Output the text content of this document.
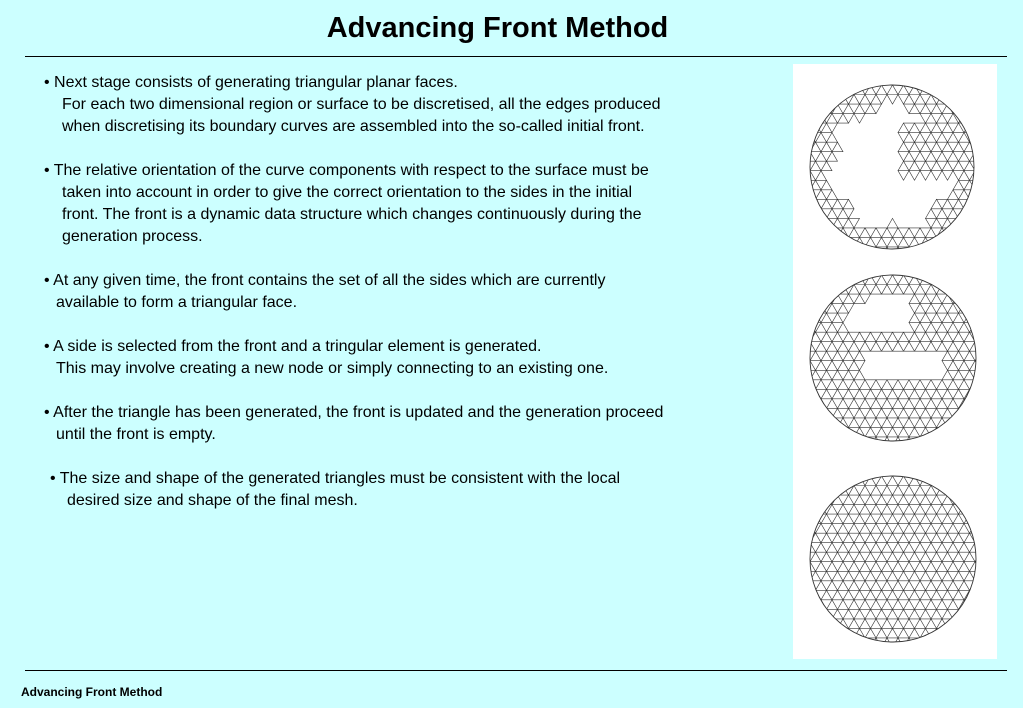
Advancing Front Method

• Next stage consists of generating triangular planar faces.

For each two dimensional region or surface to be discretised, all the edges produced

when discretising its boundary curves are assembled into the so-called initial front.

• The relative orientation of the curve components with respect to the surface must be

taken into account in order to give the correct orientation to the sides in the initial

front. The front is a dynamic data structure which changes continuously during the

generation process.

• At any given time, the front contains the set of all the sides which are currently

available to form a triangular face.

• A side is selected from the front and a tringular element is generated.

This may involve creating a new node or simply connecting to an existing one.

• After the triangle has been generated, the front is updated and the generation proceed

until the front is empty.

• The size and shape of the generated triangles must be consistent with the local

desired size and shape of the final mesh.

Advancing Front Method
